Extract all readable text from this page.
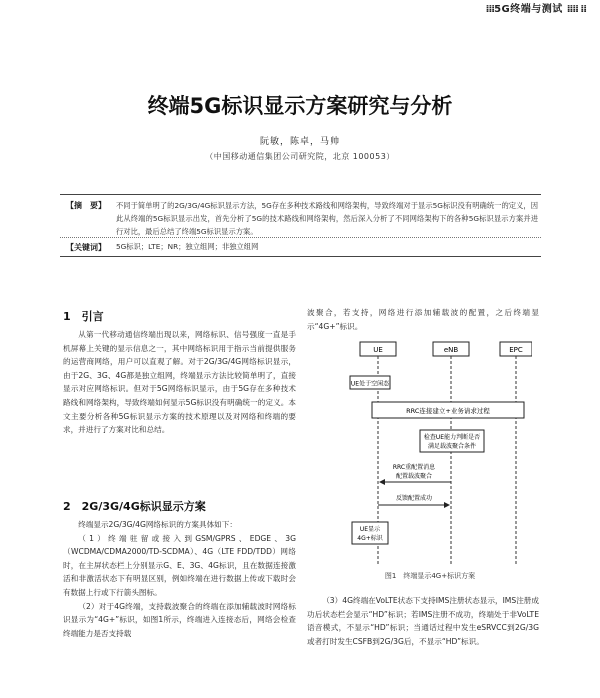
⁞⁞⁞5G终端与测试 ⁞⁞⁞⁞ ⁞⁞
终端5G标识显示方案研究与分析
阮敏，陈卓，马帅
（中国移动通信集团公司研究院，北京 100053）
【摘　要】 不同于简单明了的2G/3G/4G标识显示方法，5G存在多种技术路线和网络架构，导致终端对于显示5G标识没有明确统一的定义，因此从终端的5G标识显示出发，首先分析了5G的技术路线和网络架构，然后深入分析了不同网络架构下的各种5G标识显示方案并进行对比，最后总结了终端5G标识显示方案。
【关键词】 5G标识；LTE；NR；独立组网；非独立组网
1　引言

从第一代移动通信终端出现以来，网络标识、信号强度一直是手机屏幕上关键的显示信息之一，其中网络标识用于指示当前提供服务的运营商网络，用户可以直观了解。对于2G/3G/4G网络标识显示，由于2G、3G、4G都是独立组网，终端显示方法比较简单明了，直接显示对应网络标识。但对于5G网络标识显示，由于5G存在多种技术路线和网络架构，导致终端如何显示5G标识没有明确统一的定义。本文主要分析各种5G标识显示方案的技术原理以及对网络和终端的要求，并进行了方案对比和总结。

2　2G/3G/4G标识显示方案

终端显示2G/3G/4G网络标识的方案具体如下：

（1）终端驻留或接入到GSM/GPRS、EDGE、3G（WCDMA/CDMA2000/TD-SCDMA）、4G（LTE FDD/TDD）网络时，在主屏状态栏上分别显示G、E、3G、4G标识，且在数据连接激活和非激活状态下有明显区别，例如终端在进行数据上传或下载时会有数据上行或下行箭头图标。

（2）对于4G终端，支持载波聚合的终端在添加辅载波时网络标识显示为“4G+”标识，如图1所示，终端进入连接态后，网络会检查终端能力是否支持载

波聚合，若支持，网络进行添加辅载波的配置，之后终端显示“4G+”标识。

UE	eNB	EPC
UE处于空闲态
RRC连接建立+业务请求过程
检查UE能力判断是否
满足载波聚合条件
RRC重配置消息
配置载波聚合
反馈配置成功
UE显示
4G+标识
图1　终端显示4G+标识方案

（3）4G终端在VoLTE状态下支持IMS注册状态显示，IMS注册成功后状态栏会显示“HD”标识；若IMS注册不成功，终端处于非VoLTE语音模式，不显示“HD”标识；当通话过程中发生eSRVCC到2G/3G或者打时发生CSFB到2G/3G后，不显示“HD”标识。
